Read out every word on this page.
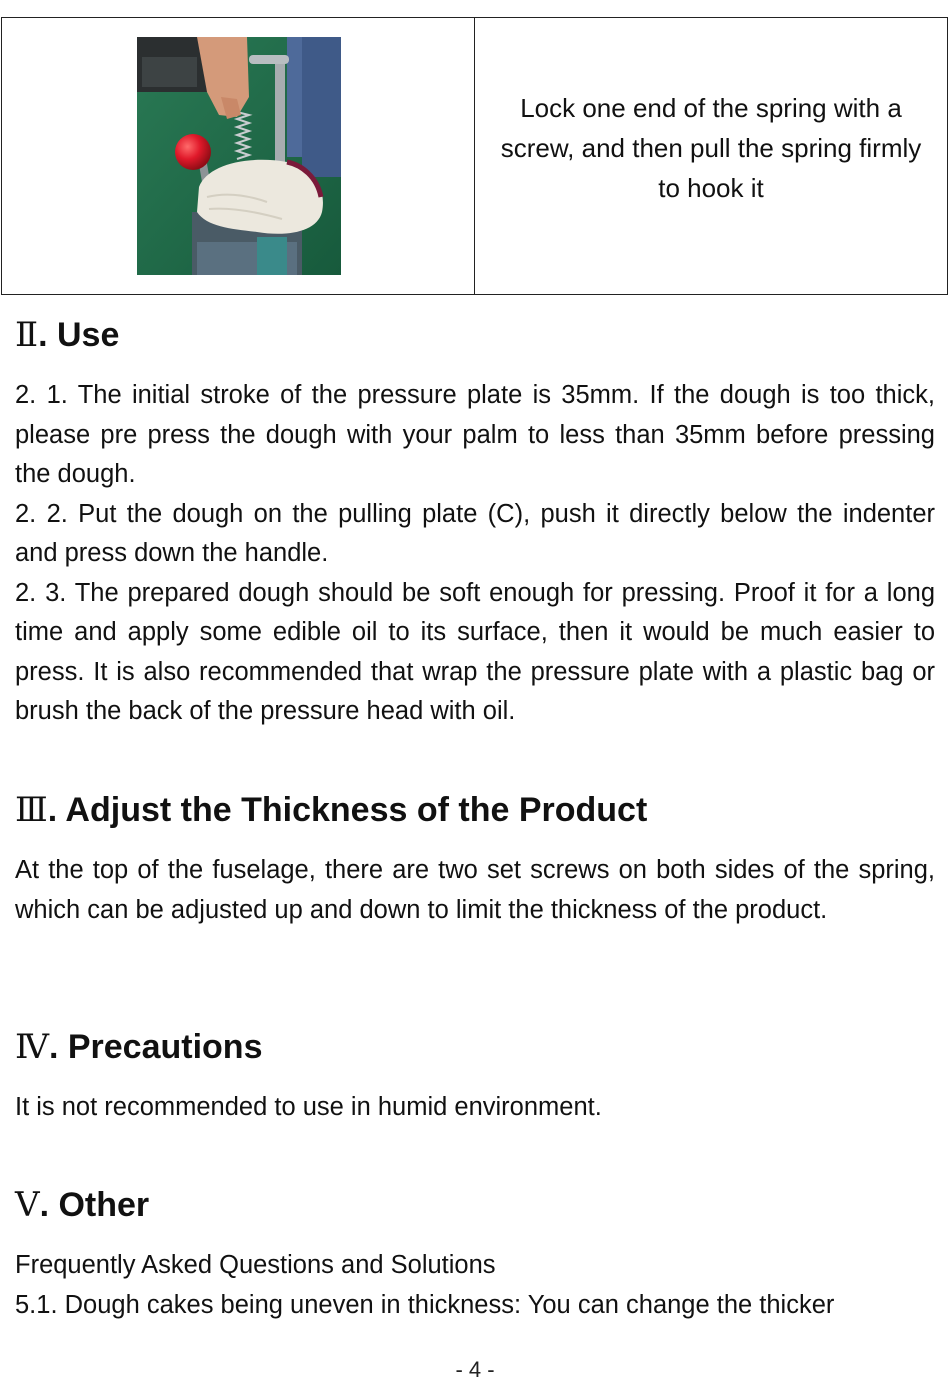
Lock one end of the spring with a screw, and then pull the spring firmly to hook it
Ⅱ. Use

2. 1. The initial stroke of the pressure plate is 35mm. If the dough is too thick, please pre press the dough with your palm to less than 35mm before pressing the dough.

2. 2. Put the dough on the pulling plate (C), push it directly below the indenter and press down the handle.

2. 3. The prepared dough should be soft enough for pressing. Proof it for a long time and apply some edible oil to its surface, then it would be much easier to press. It is also recommended that wrap the pressure plate with a plastic bag or brush the back of the pressure head with oil.

Ⅲ. Adjust the Thickness of the Product

At the top of the fuselage, there are two set screws on both sides of the spring, which can be adjusted up and down to limit the thickness of the product.

Ⅳ. Precautions

It is not recommended to use in humid environment.

Ⅴ. Other

Frequently Asked Questions and Solutions

5.1. Dough cakes being uneven in thickness: You can change the thicker

- 4 -
